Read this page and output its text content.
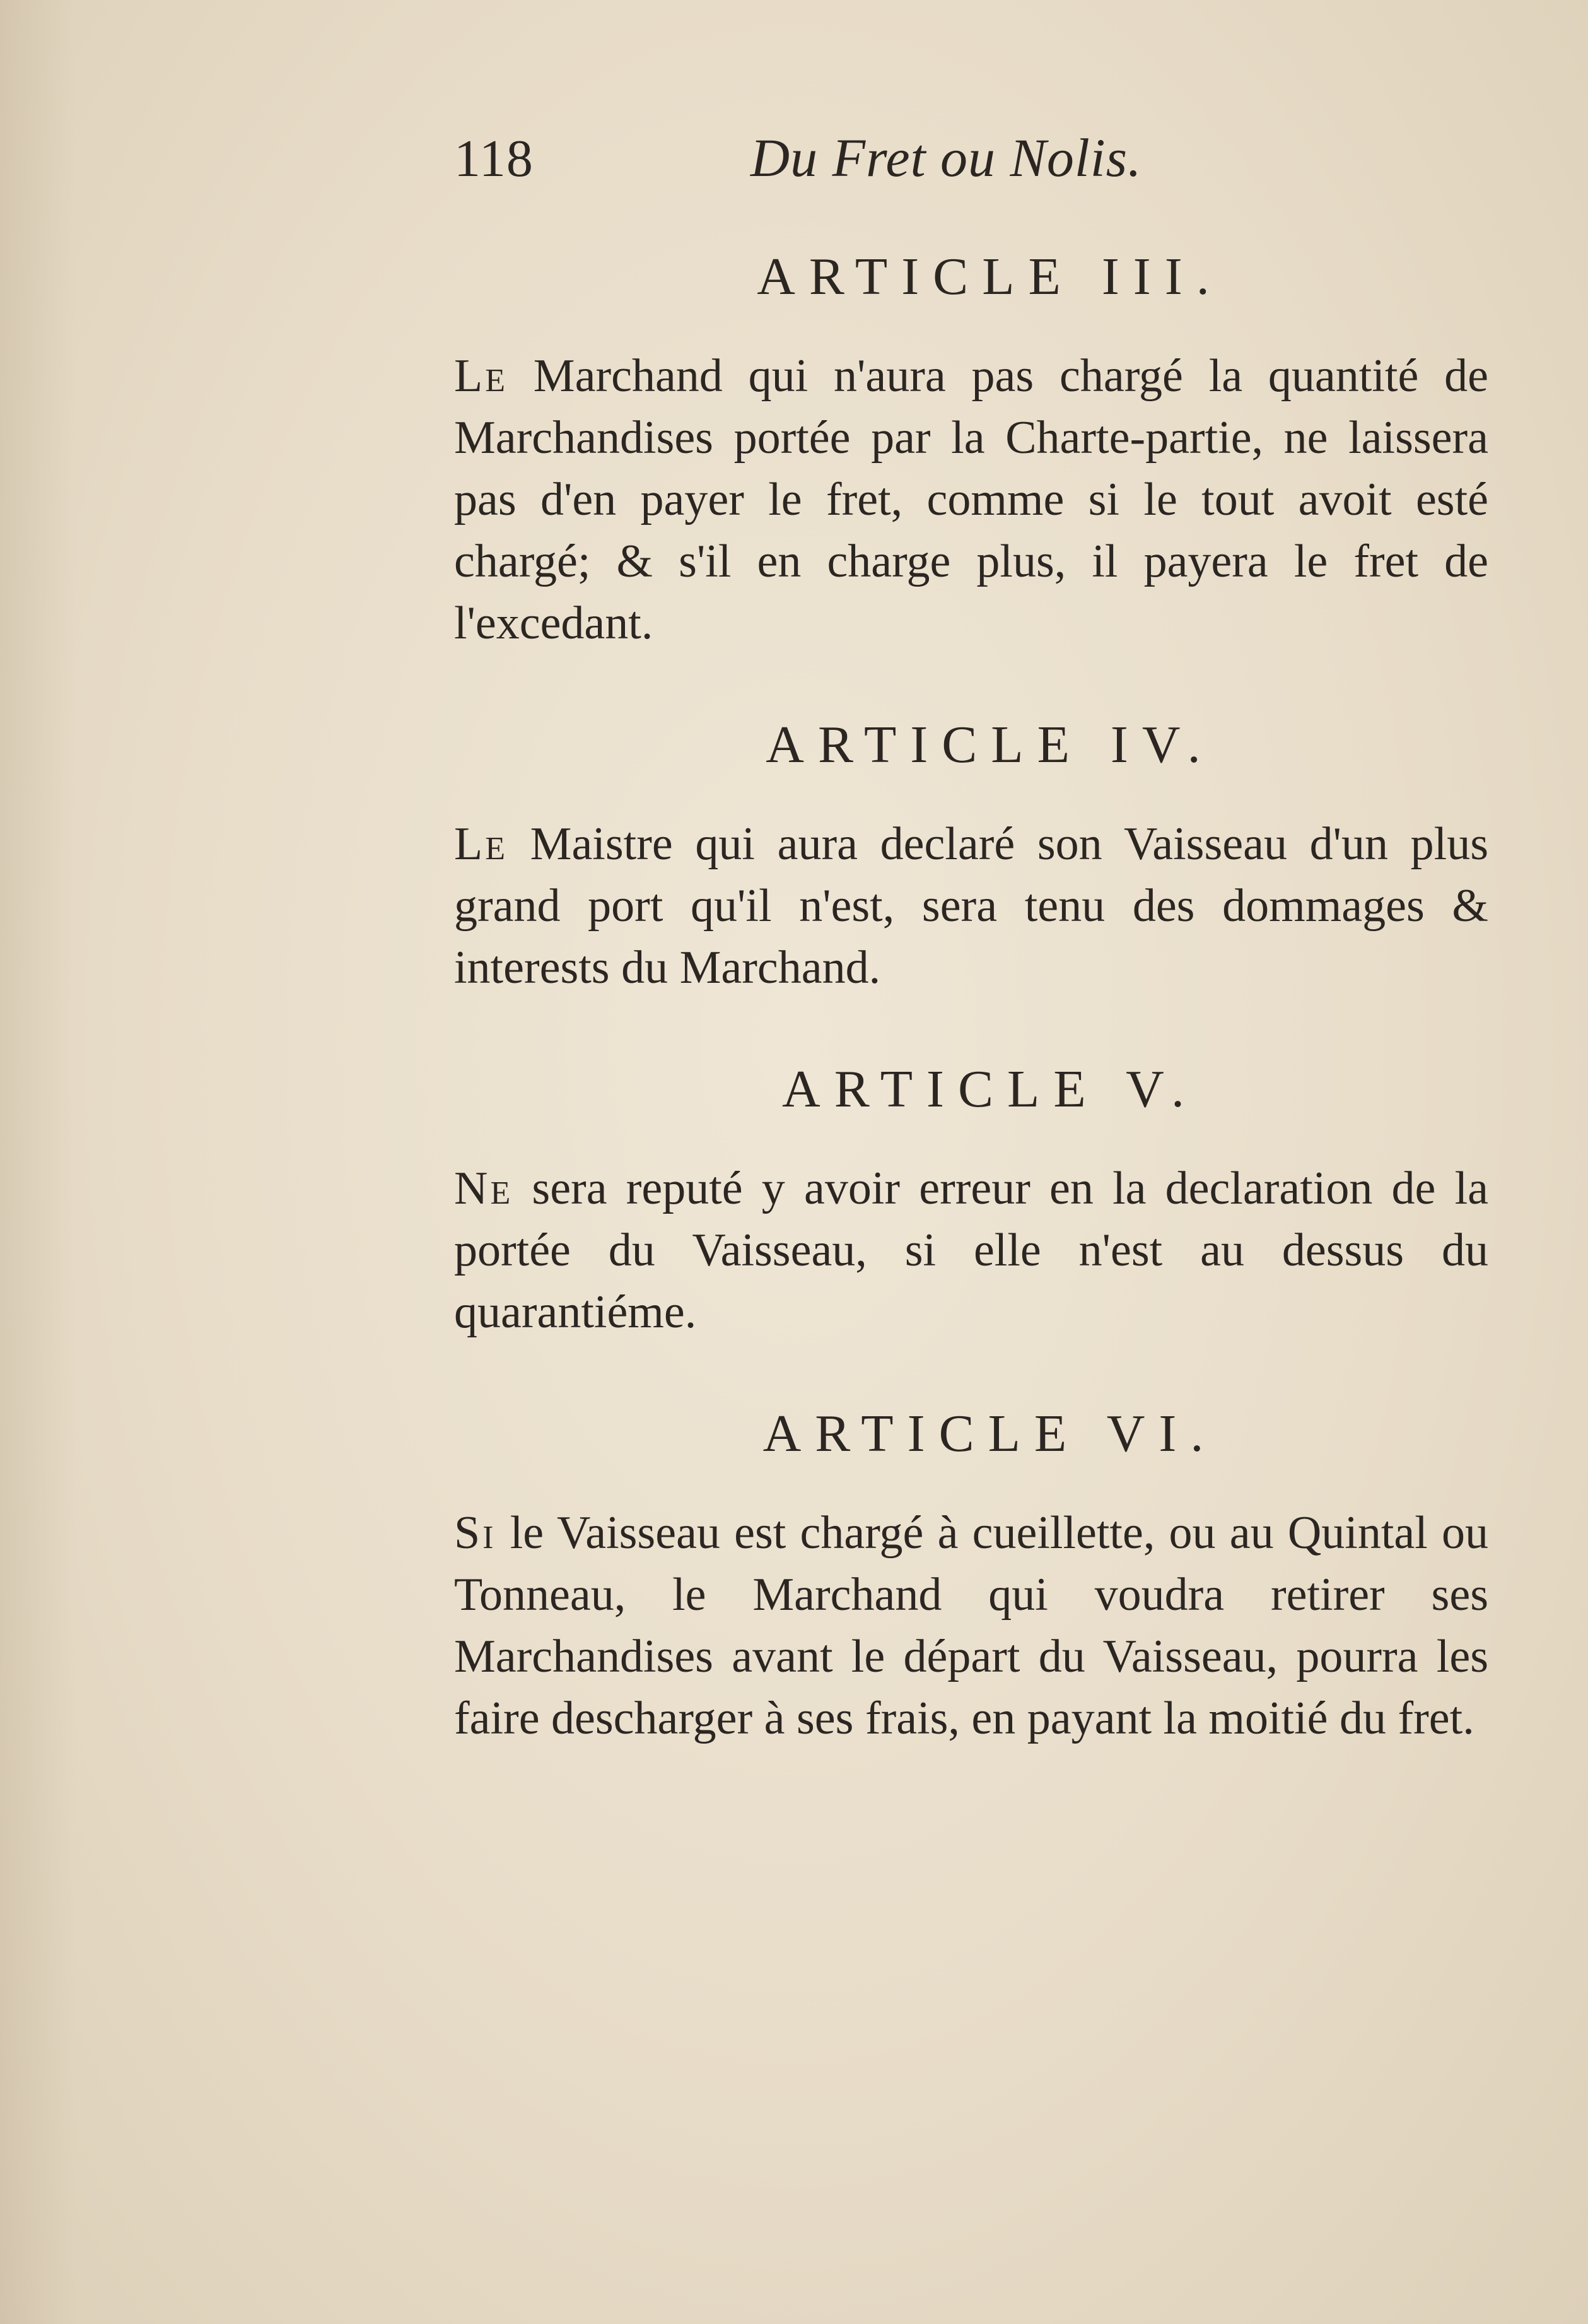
118	Du Fret ou Nolis.
ARTICLE III.

Le Marchand qui n'aura pas chargé la quantité de Marchandises portée par la Charte-partie, ne laissera pas d'en payer le fret, comme si le tout avoit esté chargé; & s'il en charge plus, il payera le fret de l'excedant.

ARTICLE IV.

Le Maistre qui aura declaré son Vaisseau d'un plus grand port qu'il n'est, sera tenu des dommages & interests du Marchand.

ARTICLE V.

Ne sera reputé y avoir erreur en la declaration de la portée du Vaisseau, si elle n'est au dessus du quarantiéme.

ARTICLE VI.

Si le Vaisseau est chargé à cueillette, ou au Quintal ou Tonneau, le Marchand qui voudra retirer ses Marchandises avant le départ du Vaisseau, pourra les faire descharger à ses frais, en payant la moitié du fret.
